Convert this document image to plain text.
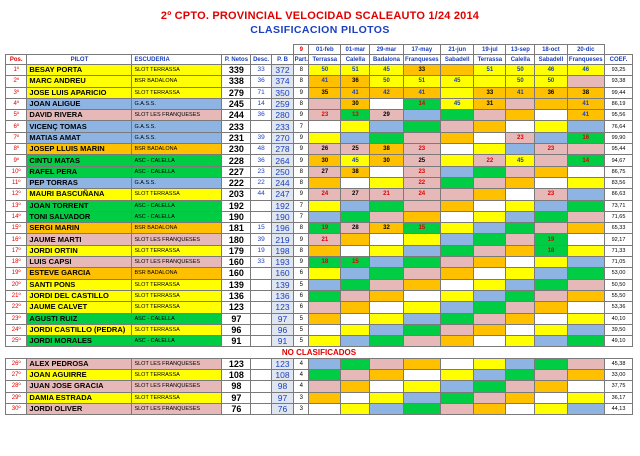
2º CPTO. PROVINCIAL VELOCIDAD SCALEAUTO 1/24 2014
CLASIFICACION PILOTOS
						9	01-feb	01-mar	29-mar	17-may	21-jun	19-jul	13-sep	18-oct	20-dic	
Pos.	PILOT	ESCUDERIA	P. Netos	Desc.	P. B	Part.	Terrassa	Calella	Badalona	Franqueses	Sabadell	Terrassa	Calella	Sabadell	Franqueses	COEF.
1º	BESAY PORTA	SLOT TERRASSA	339	33	372	8	50	51	45	33		51	50	46	46	93,25
2º	MARC ANDREU	BSR BADALONA	338	36	374	8	41	36	50	51	45		50	50		93,38
3º	JOSE LUIS APARICIO	SLOT TERRASSA	279	71	350	9	35	41	42	41		33	41	36	38	99,44
4º	JOAN ALIGUE	G.A.S.S.	245	14	259	8		30		14	45	31			41	86,19
5º	DAVID RIVERA	SLOT LES FRANQUESES	244	36	280	9	23	13	29						41	95,56
6º	VICENÇ TOMAS	G.A.S.S.	233		233	7										76,64
7º	MATIAS AMAT	G.A.S.S.	231	39	270	9							23		16	99,90
8º	JOSEP LLUIS MARIN	BSR BADALONA	230	48	278	9	26	25	38	23				23		95,44
9º	CINTU MATAS	ASC - CALELLA	228	36	264	9	30	45	30	25		22	45		14	94,67
10º	RAFEL PERA	ASC - CALELLA	227	23	250	8	27	38		23						86,75
11º	PEP TORRAS	G.A.S.S.	222	22	244	8				22						83,56
12º	MAURI BASCUÑANA	SLOT TERRASSA	203	44	247	9	24	27	21	24				23		86,63
13º	JOAN TORRENT	ASC - CALELLA	192		192	7										73,71
14º	TONI SALVADOR	ASC - CALELLA	190		190	7										71,65
15º	SERGI MARIN	BSR BADALONA	181	15	196	8	19	28	32	15						65,33
16º	JAUME MARTI	SLOT LES FRANQUESES	180	39	219	9	21							19		92,17
17º	JORDI ORTIN	SLOT TERRASSA	179	19	198	8								18		71,33
18º	LUIS CAPSI	SLOT LES FRANQUESES	160	33	193	9	18	15								71,05
19º	ESTEVE GARCIA	BSR BADALONA	160		160	6										53,00
20º	SANTI PONS	SLOT TERRASSA	139		139	5										50,50
21º	JORDI DEL CASTILLO	SLOT TERRASSA	136		136	6										55,50
22º	JAUME CALVET	SLOT TERRASSA	123		123	6										53,36
23º	AGUSTI RUIZ	ASC - CALELLA	97		97	5										40,10
24º	JORDI CASTILLO (PEDRA)	SLOT TERRASSA	96		96	5										39,50
25º	JORDI MORALES	ASC - CALELLA	91		91	5										49,10
NO CLASIFICADOS																
26º	ALEX PEDROSA	SLOT LES FRANQUESES	123		123	4										45,38
27º	JOAN AGUIRRE	SLOT TERRASSA	108		108	4										33,00
28º	JUAN JOSE GRACIA	SLOT LES FRANQUESES	98		98	4										37,75
29º	DAMIA ESTRADA	SLOT TERRASSA	97		97	3										36,17
30º	JORDI OLIVER	SLOT LES FRANQUESES	76		76	3										44,13
